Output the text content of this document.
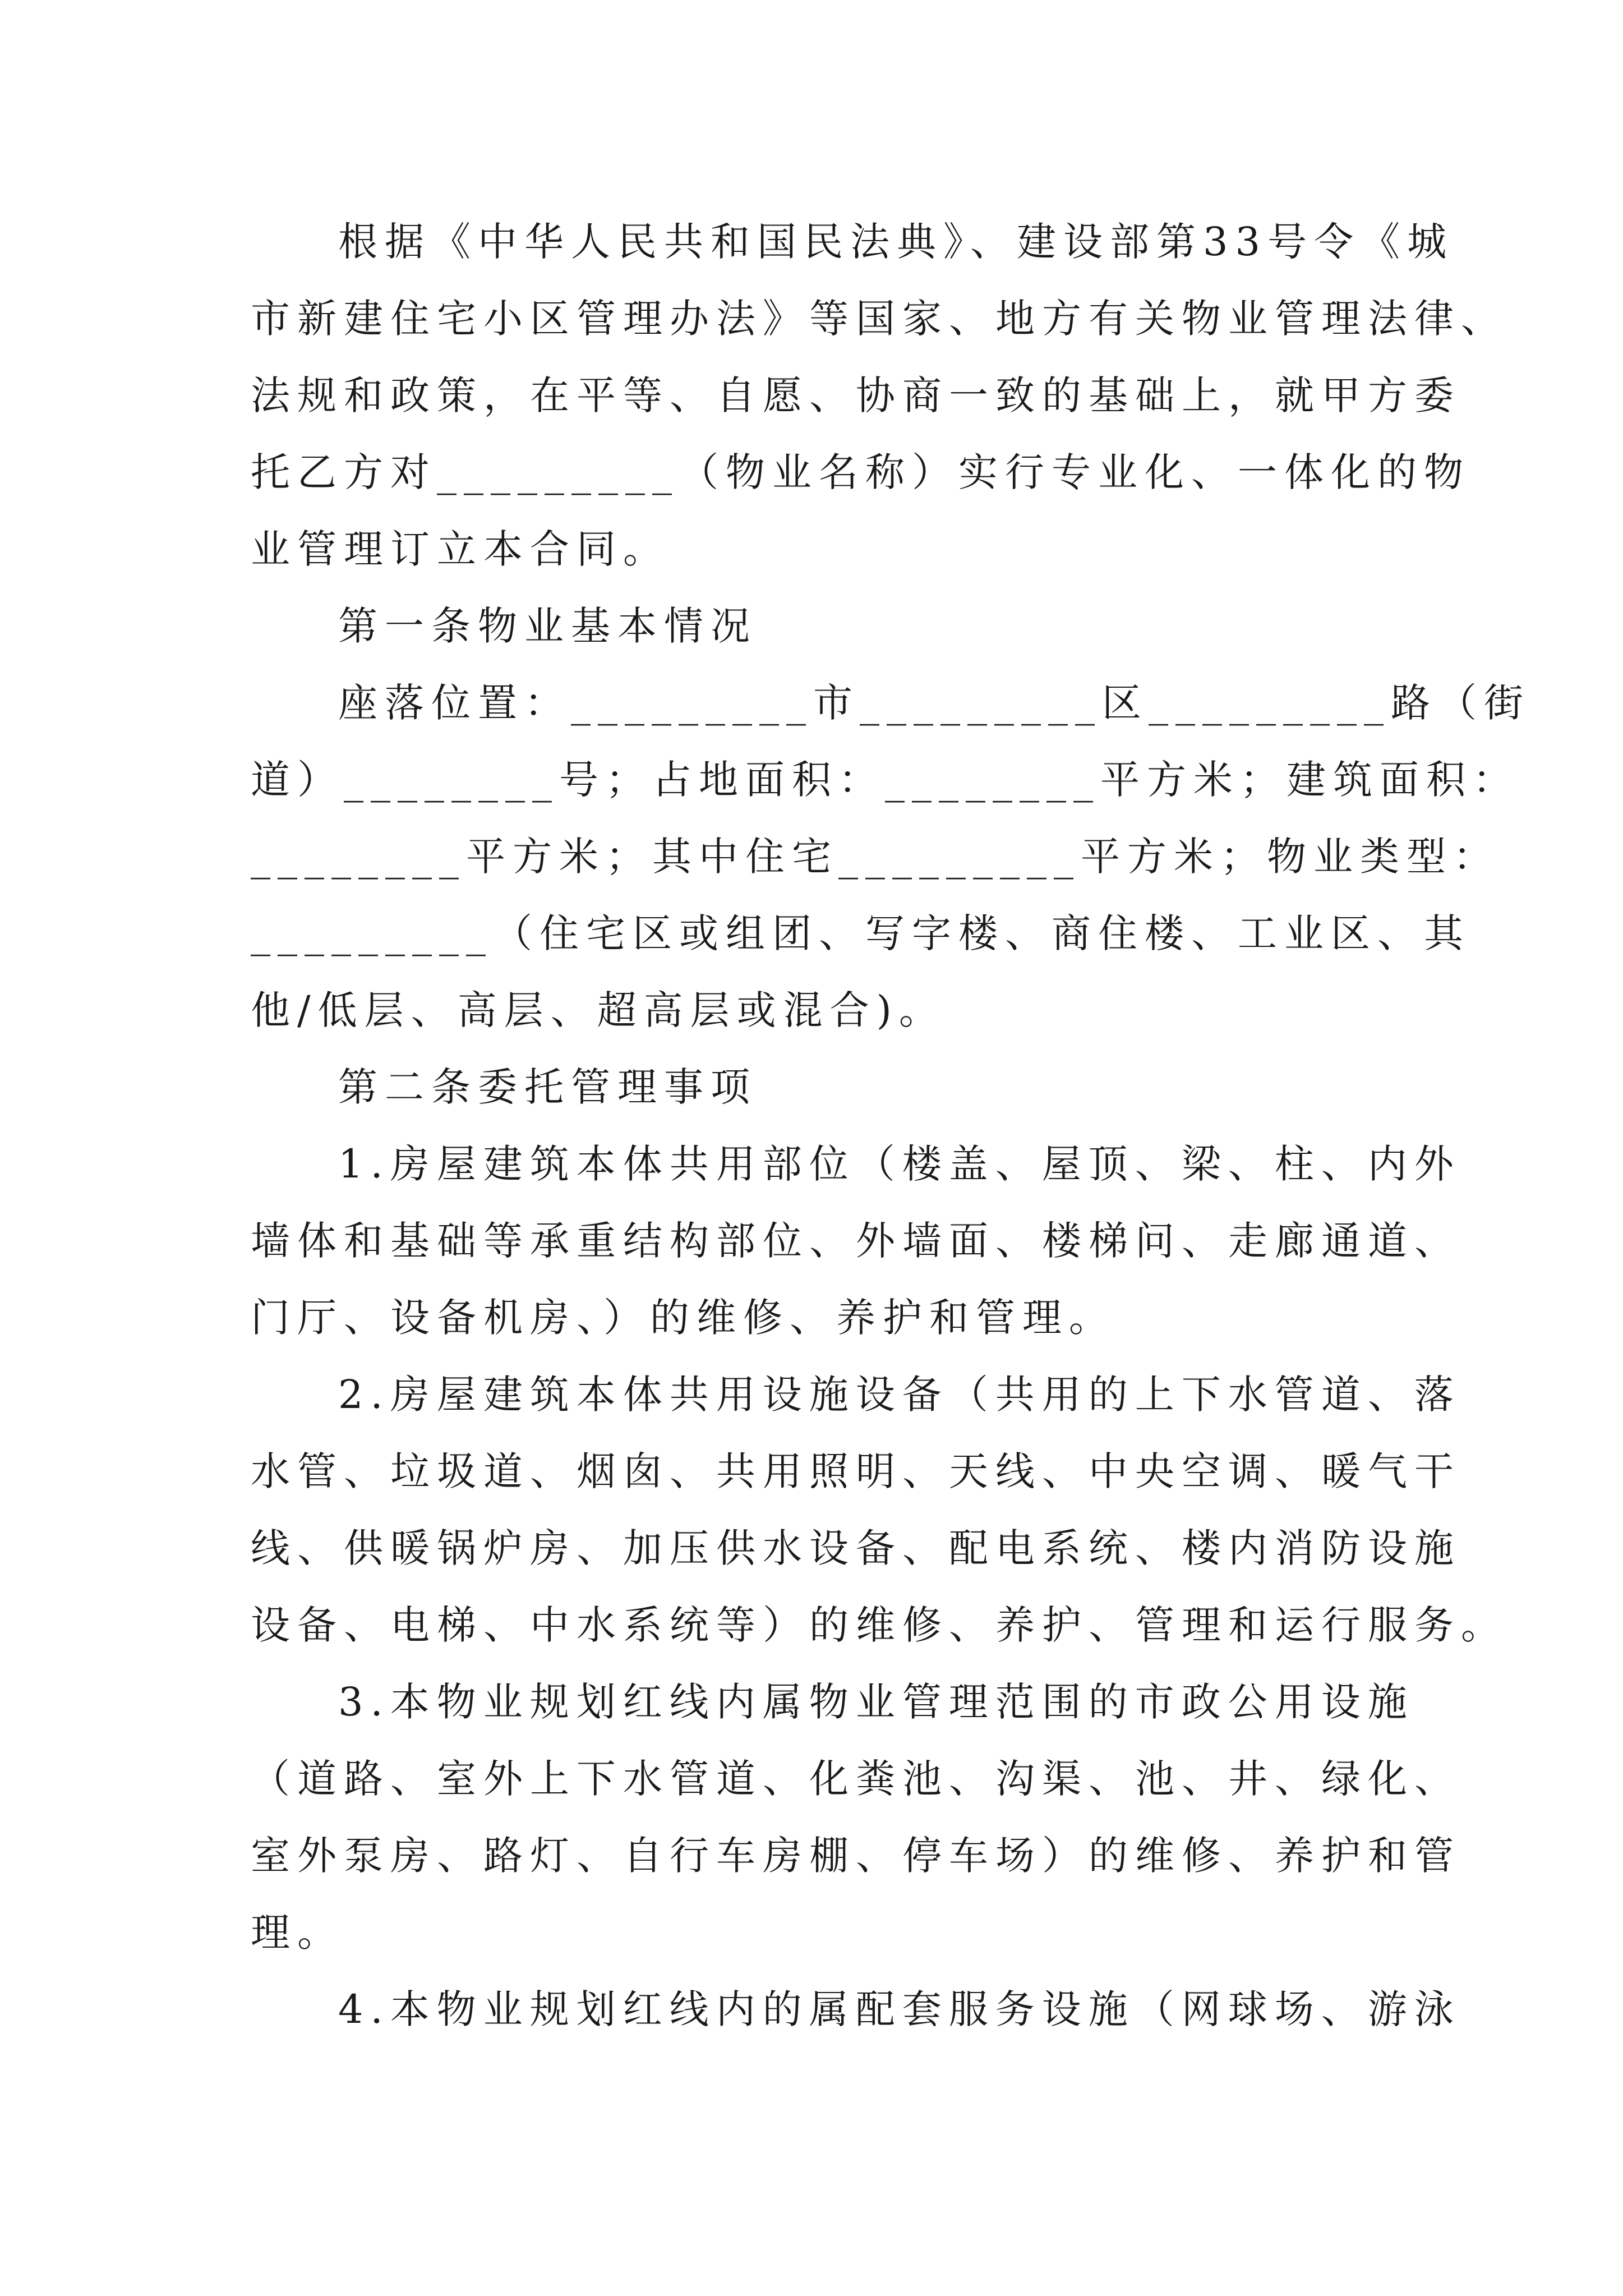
根据《中华人民共和国民法典》、建设部第33号令《城
市新建住宅小区管理办法》等国家、地方有关物业管理法律、
法规和政策，在平等、自愿、协商一致的基础上，就甲方委
托乙方对_________（物业名称）实行专业化、一体化的物
业管理订立本合同。
第一条物业基本情况
座落位置：_________市_________区_________路（街
道）________号；占地面积：________平方米；建筑面积：
________平方米；其中住宅_________平方米；物业类型：
_________（住宅区或组团、写字楼、商住楼、工业区、其
他/低层、高层、超高层或混合)。
第二条委托管理事项
1.房屋建筑本体共用部位（楼盖、屋顶、梁、柱、内外
墙体和基础等承重结构部位、外墙面、楼梯问、走廊通道、
门厅、设备机房、）的维修、养护和管理。
2.房屋建筑本体共用设施设备（共用的上下水管道、落
水管、垃圾道、烟囱、共用照明、天线、中央空调、暖气干
线、供暖锅炉房、加压供水设备、配电系统、楼内消防设施
设备、电梯、中水系统等）的维修、养护、管理和运行服务。
3.本物业规划红线内属物业管理范围的市政公用设施
（道路、室外上下水管道、化粪池、沟渠、池、井、绿化、
室外泵房、路灯、自行车房棚、停车场）的维修、养护和管
理。
4.本物业规划红线内的属配套服务设施（网球场、游泳
